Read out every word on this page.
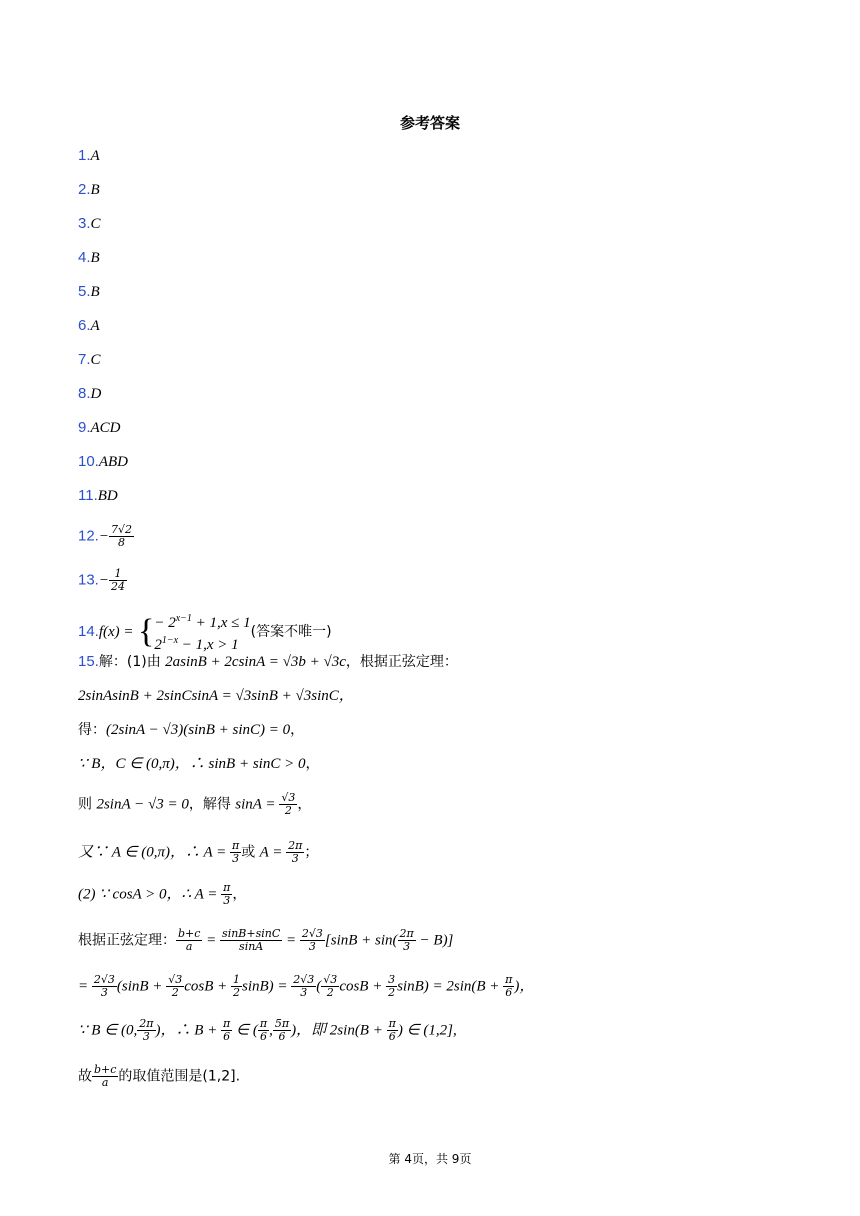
参考答案
1.A
2.B
3.C
4.B
5.B
6.A
7.C
8.D
9.ACD
10.ABD
11.BD
$12.- \frac{7√2}{8}$
$13.- \frac{1}{24}$
14.f(x) = { − $2^{x-1} + 1,x \le 1$
$2^{1-x} - 1,x > 1$
(答案不唯一)
15.解：(1)由 2asinB + 2csinA = √3b + √3c，根据正弦定理：
2sinAsinB + 2sinCsinA = √3sinB + √3sinC，
得：(2sinA − √3)(sinB + sinC) = 0，
∵ B，C ∈ (0,π)，∴ sinB + sinC > 0，
则 2sinA − √3 = 0，解得 $\sin A = \frac{√3}{2}$ ，
又∵ A ∈ (0,π)，∴ $A = \frac{\pi}{3}$ 或 $A = \frac{2\pi}{3}$ ；
(2) ∵ cosA > 0，∴ $A = \frac{\pi}{3}$ ，
根据正弦定理： $\frac{b+c}{a} = \frac{\sin B+\sin C}{\sin A} = \frac{2√3}{3} [\sin B + \sin( \frac{2\pi}{3} - B)]$
= $\frac{2√3}{3} (\sin B + \frac{√3}{2}$ $\cos B + \frac{1}{2} \sin B) = \frac{2√3}{3}$ ( $\frac{√3}{2}$ $\cos B + \frac{3}{2} \sin B) = 2\sin(B + \frac{\pi}{6}$ )，
∵ B ∈ (0, $\frac{2\pi}{3}$ )，∴ $B + \frac{\pi}{6}$ ∈ ( $\frac{\pi}{6}$ , $\frac{5\pi}{6}$ )，即 $2\sin(B + \frac{\pi}{6}$ ) ∈ (1,2],
故 $\frac{b+c}{a}$ 的取值范围是(1,2].
第 4页，共 9页
